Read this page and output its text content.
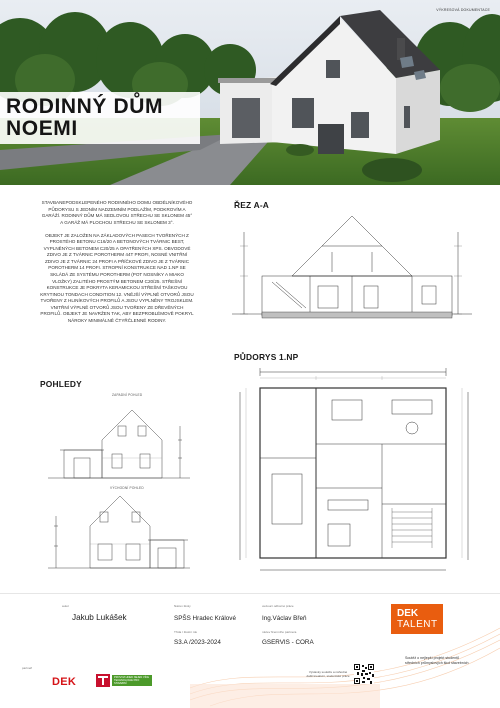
VÝKRESOVÁ DOKUMENTACE
RODINNÝ DŮM
NOEMI

STAVBANEPODSKLEPENÉHO RODINNÉHO DOMU OBDÉLNÍKOVÉHO PŮDORYSU S JEDNÍM NADZEMNÍM PODLAŽÍM, PODKROVÍM A GARÁŽÍ. RODINNÝ DŮM MÁ SEDLOVOU STŘECHU SE SKLONEM 45° A GARÁŽ MÁ PLOCHOU STŘECHU SE SKLONEM 3°.

OBJEKT JE ZALOŽEN NA ZÁKLADOVÝCH PASECH TVOŘENÝCH Z PROSTÉHO BETONU C16/20 A BETONOVÝCH TVÁRNIC BEST, VYPLNĚNÝCH BETONEM C20/25 A OPATŘENÝCH XPS. OBVODOVÉ ZDIVO JE Z TVÁRNIC POROTHERM 44T PROFI, NOSNÉ VNITŘNÍ ZDIVO JE Z TVÁRNIC 24 PROFI A PŘÍČKOVÉ ZDIVO JE Z TVÁRNIC POROTHERM 14 PROFI. STROPNÍ KONSTRUKCE NAD 1.NP SE SKLÁDÁ ZE SYSTÉMU POROTHERM (POT NOSNÍKY A MIAKO VLOŽKY) ZALITÉHO PROSTÝM BETONEM C20/25. STŘEŠNÍ KONSTRUKCE JE POKRYTA KERAMICKOU STŘEŠNÍ TAŠKOVOU KRYTINOU TONDACH CONDITION 12. VNĚJŠÍ VÝPLNĚ OTVORŮ JSOU TVOŘENY Z HLINÍKOVÝCH PROFILŮ A JSOU VYPLNĚNY TROJSKLEM. VNITŘNÍ VÝPLNĚ OTVORŮ JSOU TVOŘENY ZE DŘEVĚNÝCH PROFILŮ. OBJEKT JE NAVRŽEN TAK, ABY BEZPROBLÉMOVĚ POKRYL NÁROKY MINIMÁLNĚ ČTYŘČLENNÉ RODINY.

POHLEDY
ZAPADNÍ POHLED
VÝCHODNÍ POHLED
ŘEZ A-A
PŮDORYS 1.NP
autor
Jakub Lukášek
Název školy
SPŠS Hradec Králové
vedoucí odborné práce
Ing.Václav Břeň
Třída / školní rok
S3.A /2023-2024
název firemního partnera
GSERVIS - CORA
DEK
TALENT
Soutěž o nejlepší projekt studentů středních průmyslových škol stavebních
partneři
DEK	PROVOZ HNED NEJEN VÍCE TECHNOLOGIE PRO STAVEBNÍ
Výstavky soutěže a náhodné další kreativní, studentské práce
